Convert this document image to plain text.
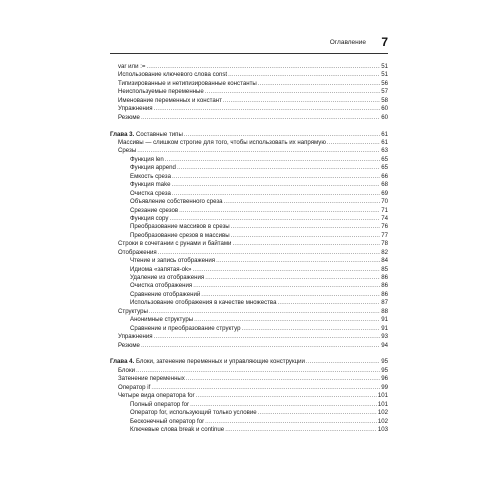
Оглавление 7
var или := .....	51
Использование ключевого слова const .....	51
Типизированные и нетипизированные константы .....	56
Неиспользуемые переменные .....	57
Именование переменных и констант .....	58
Упражнения .....	60
Резюме .....	60
Глава 3. Составные типы .....	61
Массивы — слишком строгие для того, чтобы использовать их напрямую .....	61
Срезы .....	63
Функция len .....	65
Функция append .....	65
Емкость среза .....	66
Функция make .....	68
Очистка среза .....	69
Объявление собственного среза .....	70
Срезание срезов .....	71
Функция copy .....	74
Преобразование массивов в срезы .....	76
Преобразование срезов в массивы .....	77
Строки в сочетании с рунами и байтами .....	78
Отображения .....	82
Чтение и запись отображения .....	84
Идиома «запятая-ok» .....	85
Удаление из отображения .....	86
Очистка отображения .....	86
Сравнение отображений .....	86
Использование отображения в качестве множества .....	87
Структуры .....	88
Анонимные структуры .....	91
Сравнение и преобразование структур .....	91
Упражнения .....	93
Резюме .....	94
Глава 4. Блоки, затенение переменных и управляющие конструкции .....	95
Блоки .....	95
Затенение переменных .....	96
Оператор if .....	99
Четыре вида оператора for .....	101
Полный оператор for .....	101
Оператор for, использующий только условие .....	102
Бесконечный оператор for .....	102
Ключевые слова break и continue .....	103
